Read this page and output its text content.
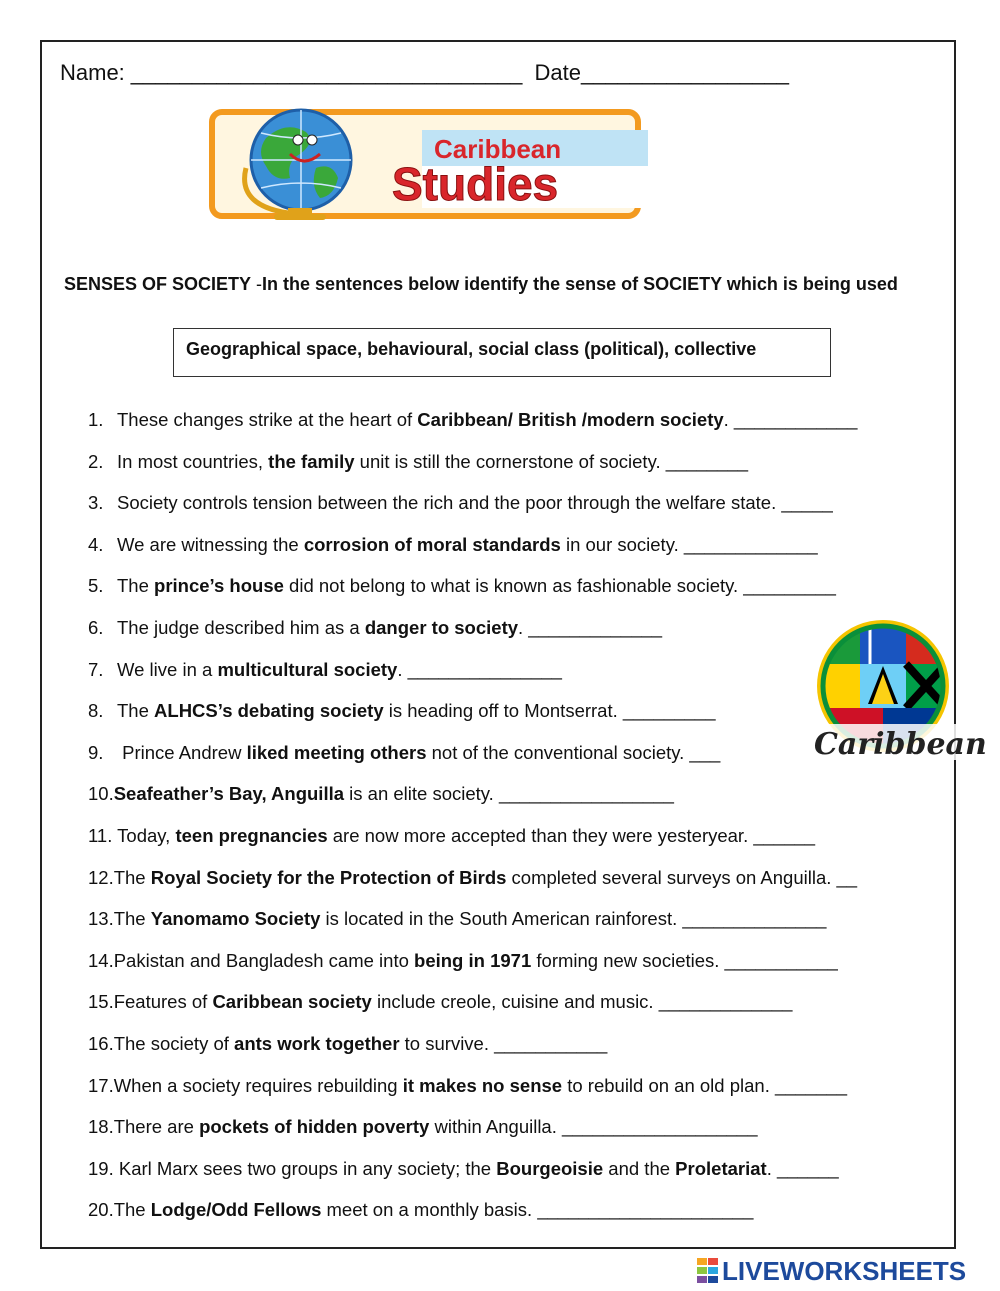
Name: ________________________________ Date_________________
Caribbean
Studies
SENSES OF SOCIETY -In the sentences below identify the sense of SOCIETY which is being used
Geographical space, behavioural, social class (political), collective
1. These changes strike at the heart of Caribbean/ British /modern society. ____________
2. In most countries, the family unit is still the cornerstone of society. ________
3. Society controls tension between the rich and the poor through the welfare state. _____
4. We are witnessing the corrosion of moral standards in our society. _____________
5. The prince’s house did not belong to what is known as fashionable society. _________
6. The judge described him as a danger to society. _____________
7. We live in a multicultural society. _______________
8. The ALHCS’s debating society is heading off to Montserrat. _________
9. Prince Andrew liked meeting others not of the conventional society. ___
10.Seafeather’s Bay, Anguilla is an elite society. _________________
11. Today, teen pregnancies are now more accepted than they were yesteryear. ______
12.The Royal Society for the Protection of Birds completed several surveys on Anguilla. __
13.The Yanomamo Society is located in the South American rainforest. ______________
14.Pakistan and Bangladesh came into being in 1971 forming new societies. ___________
15.Features of Caribbean society include creole, cuisine and music. _____________
16.The society of ants work together to survive. ___________
17.When a society requires rebuilding it makes no sense to rebuild on an old plan. _______
18.There are pockets of hidden poverty within Anguilla. ___________________
19. Karl Marx sees two groups in any society; the Bourgeoisie and the Proletariat. ______
20.The Lodge/Odd Fellows meet on a monthly basis. _____________________
Caribbean
LIVEWORKSHEETS
